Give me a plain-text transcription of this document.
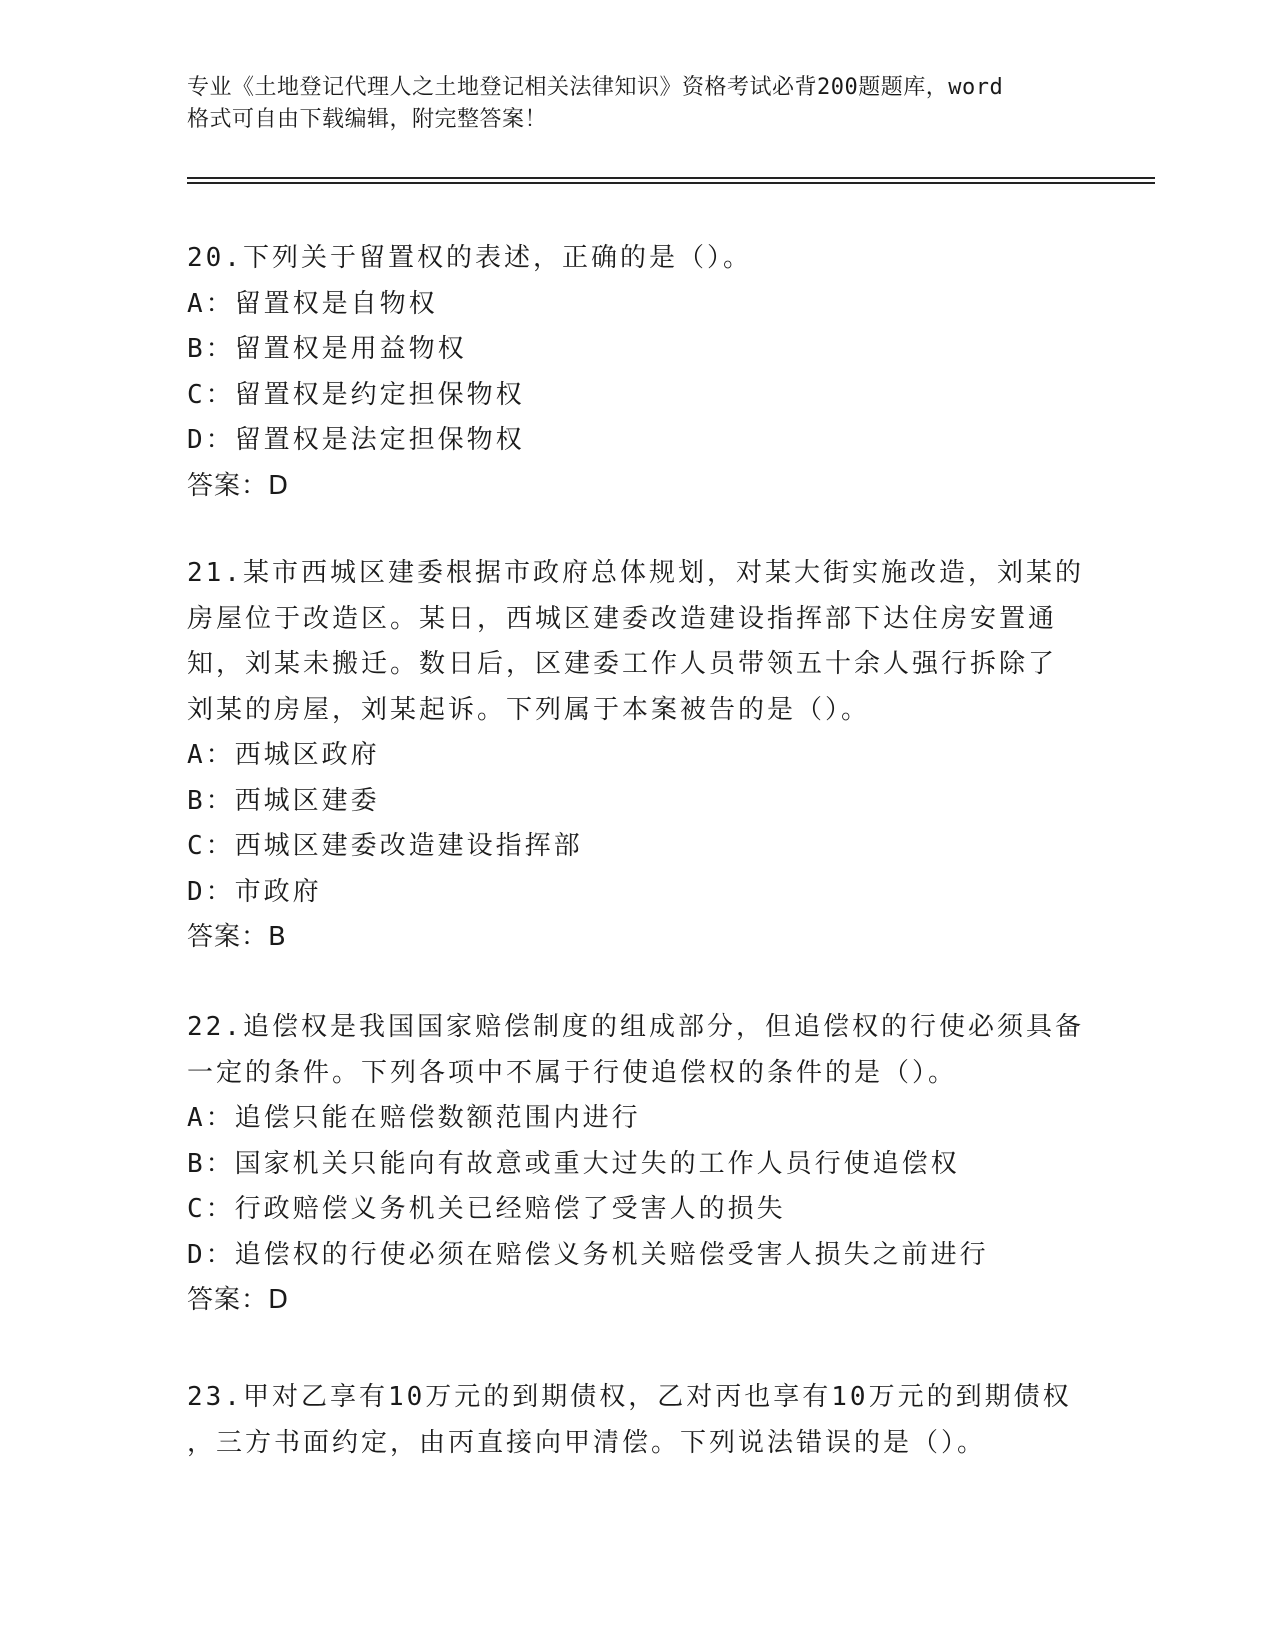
专业《土地登记代理人之土地登记相关法律知识》资格考试必背200题题库，word
格式可自由下载编辑，附完整答案！
20.下列关于留置权的表述，正确的是（）。
A：留置权是自物权
B：留置权是用益物权
C：留置权是约定担保物权
D：留置权是法定担保物权
答案：D
21.某市西城区建委根据市政府总体规划，对某大街实施改造，刘某的
房屋位于改造区。某日，西城区建委改造建设指挥部下达住房安置通
知，刘某未搬迁。数日后，区建委工作人员带领五十余人强行拆除了
刘某的房屋，刘某起诉。下列属于本案被告的是（）。
A：西城区政府
B：西城区建委
C：西城区建委改造建设指挥部
D：市政府
答案：B
22.追偿权是我国国家赔偿制度的组成部分，但追偿权的行使必须具备
一定的条件。下列各项中不属于行使追偿权的条件的是（）。
A：追偿只能在赔偿数额范围内进行
B：国家机关只能向有故意或重大过失的工作人员行使追偿权
C：行政赔偿义务机关已经赔偿了受害人的损失
D：追偿权的行使必须在赔偿义务机关赔偿受害人损失之前进行
答案：D
23.甲对乙享有10万元的到期债权，乙对丙也享有10万元的到期债权
，三方书面约定，由丙直接向甲清偿。下列说法错误的是（）。
